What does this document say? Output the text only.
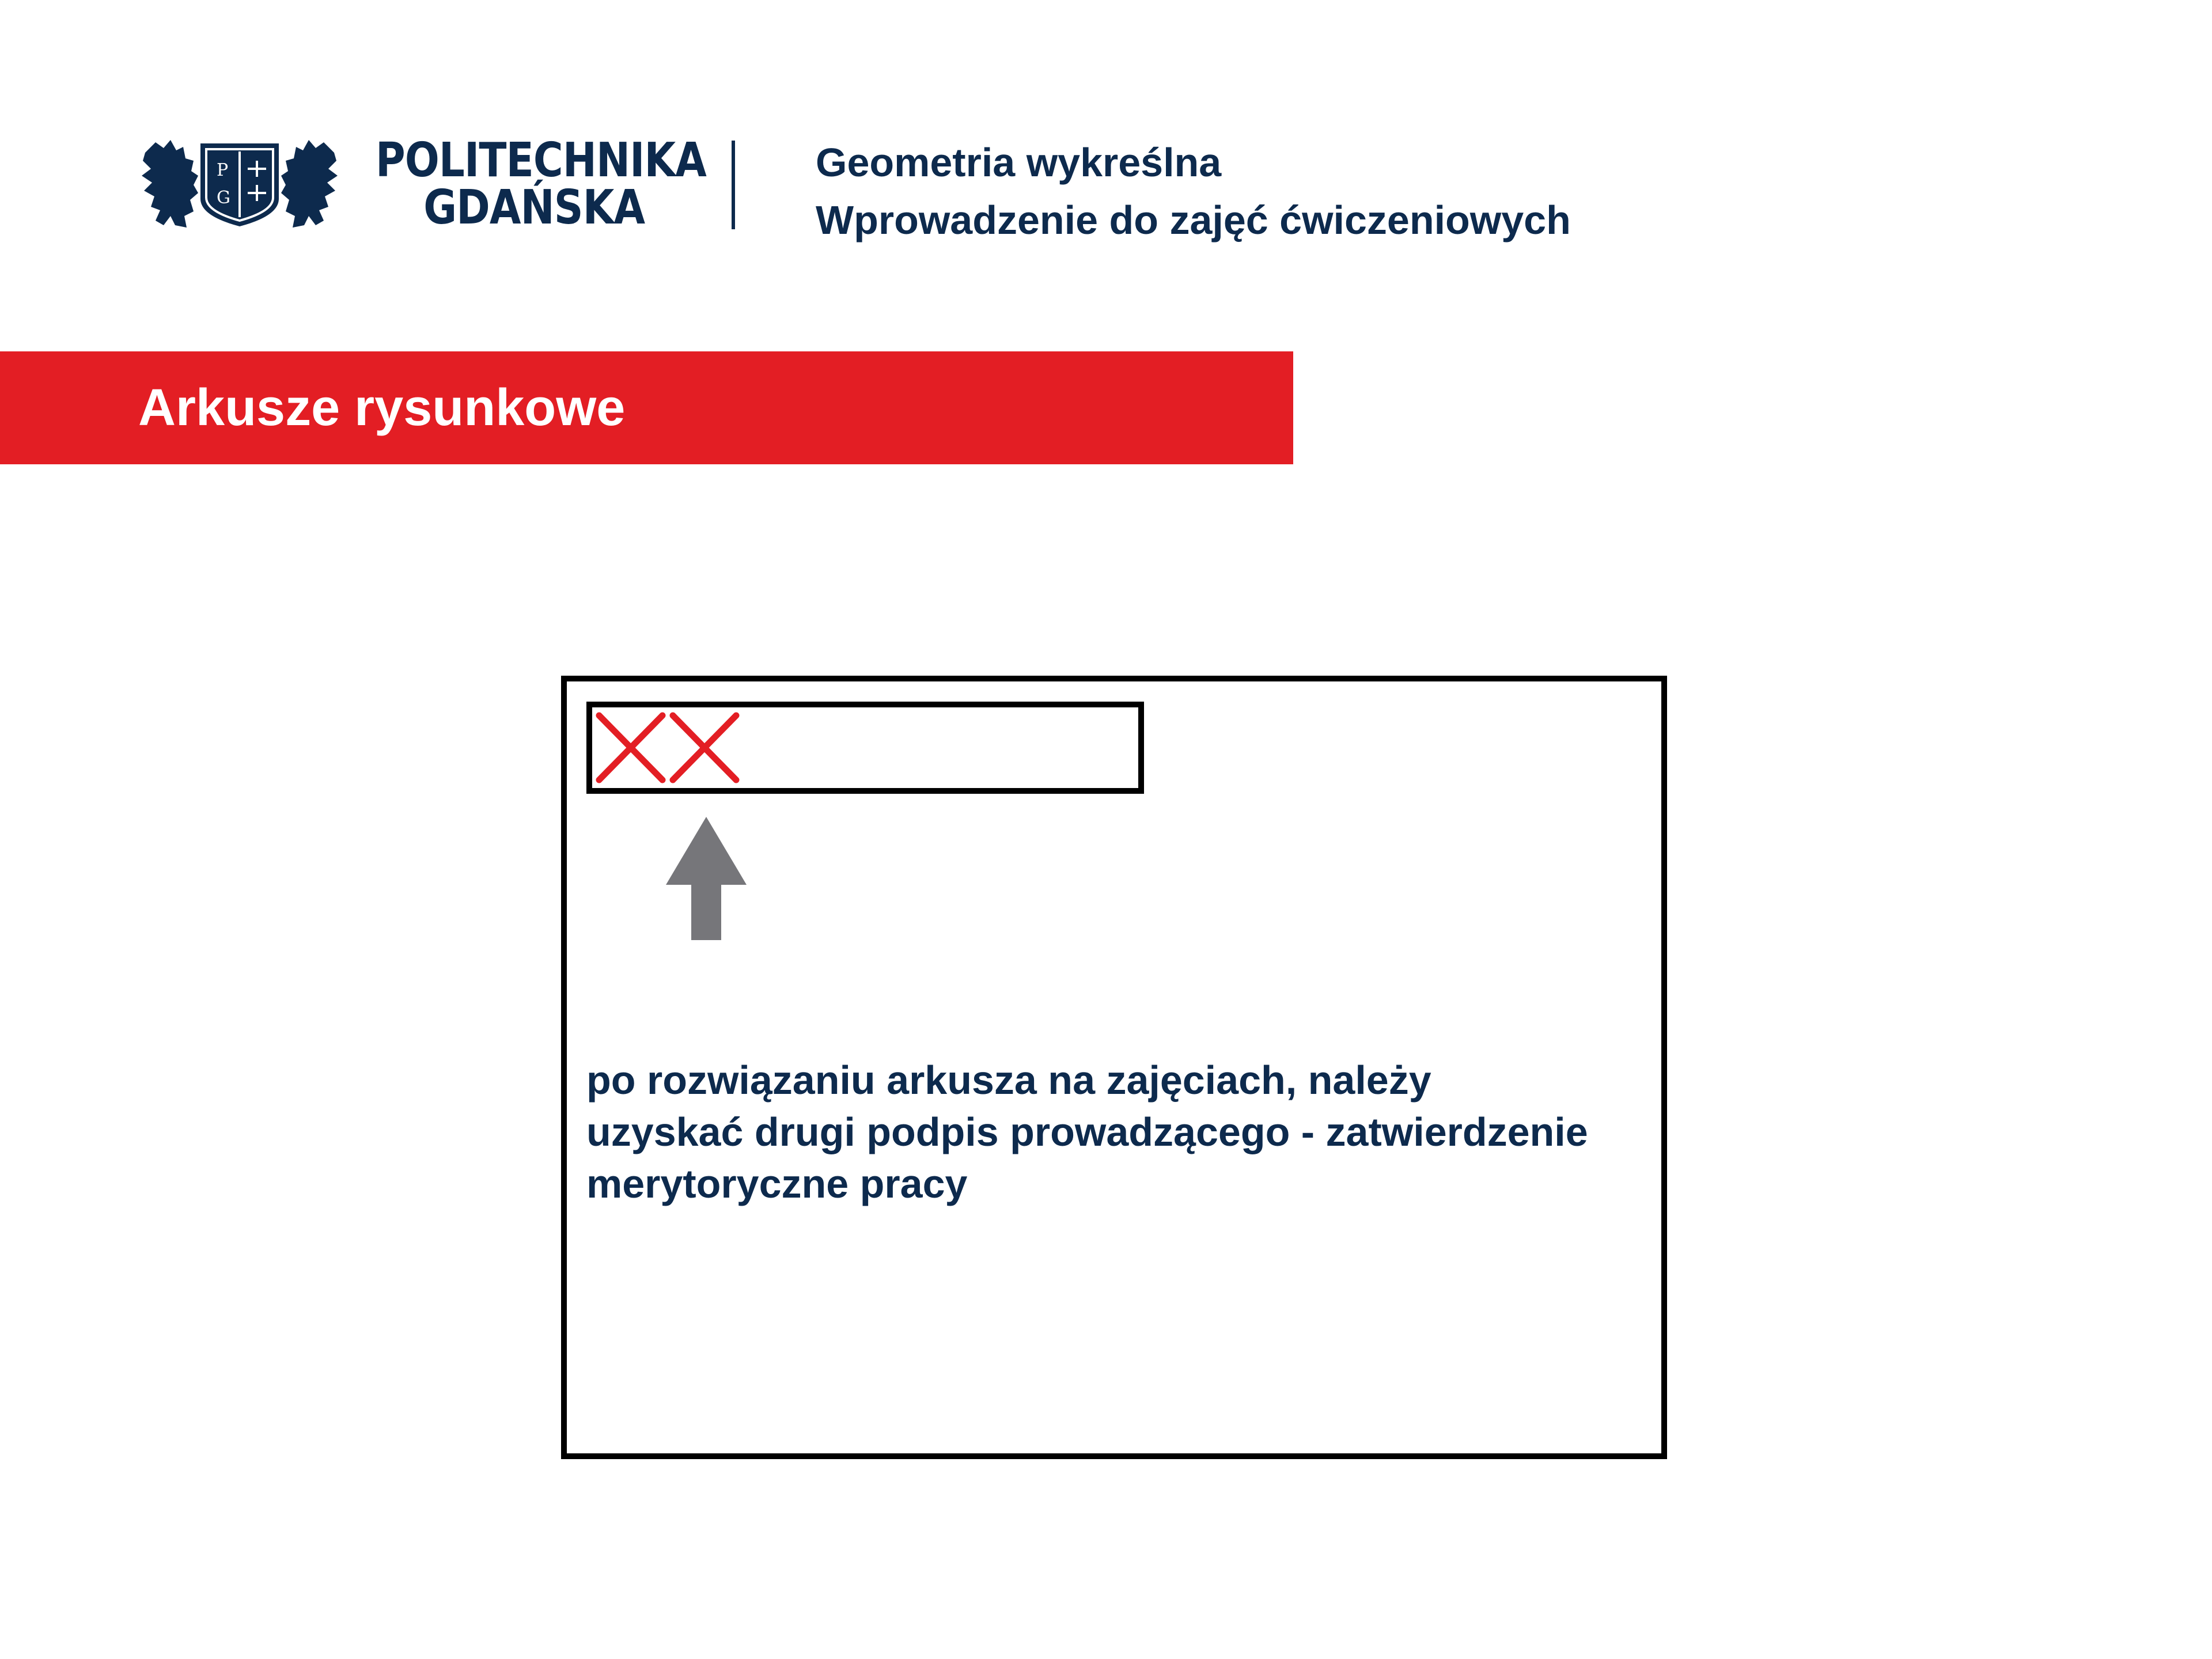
P
G
POLITECHNIKA
GDAŃSKA
Geometria wykreślna
Wprowadzenie do zajęć ćwiczeniowych
Arkusze rysunkowe
po rozwiązaniu arkusza na zajęciach, należy
uzyskać drugi podpis prowadzącego - zatwierdzenie
merytoryczne pracy
